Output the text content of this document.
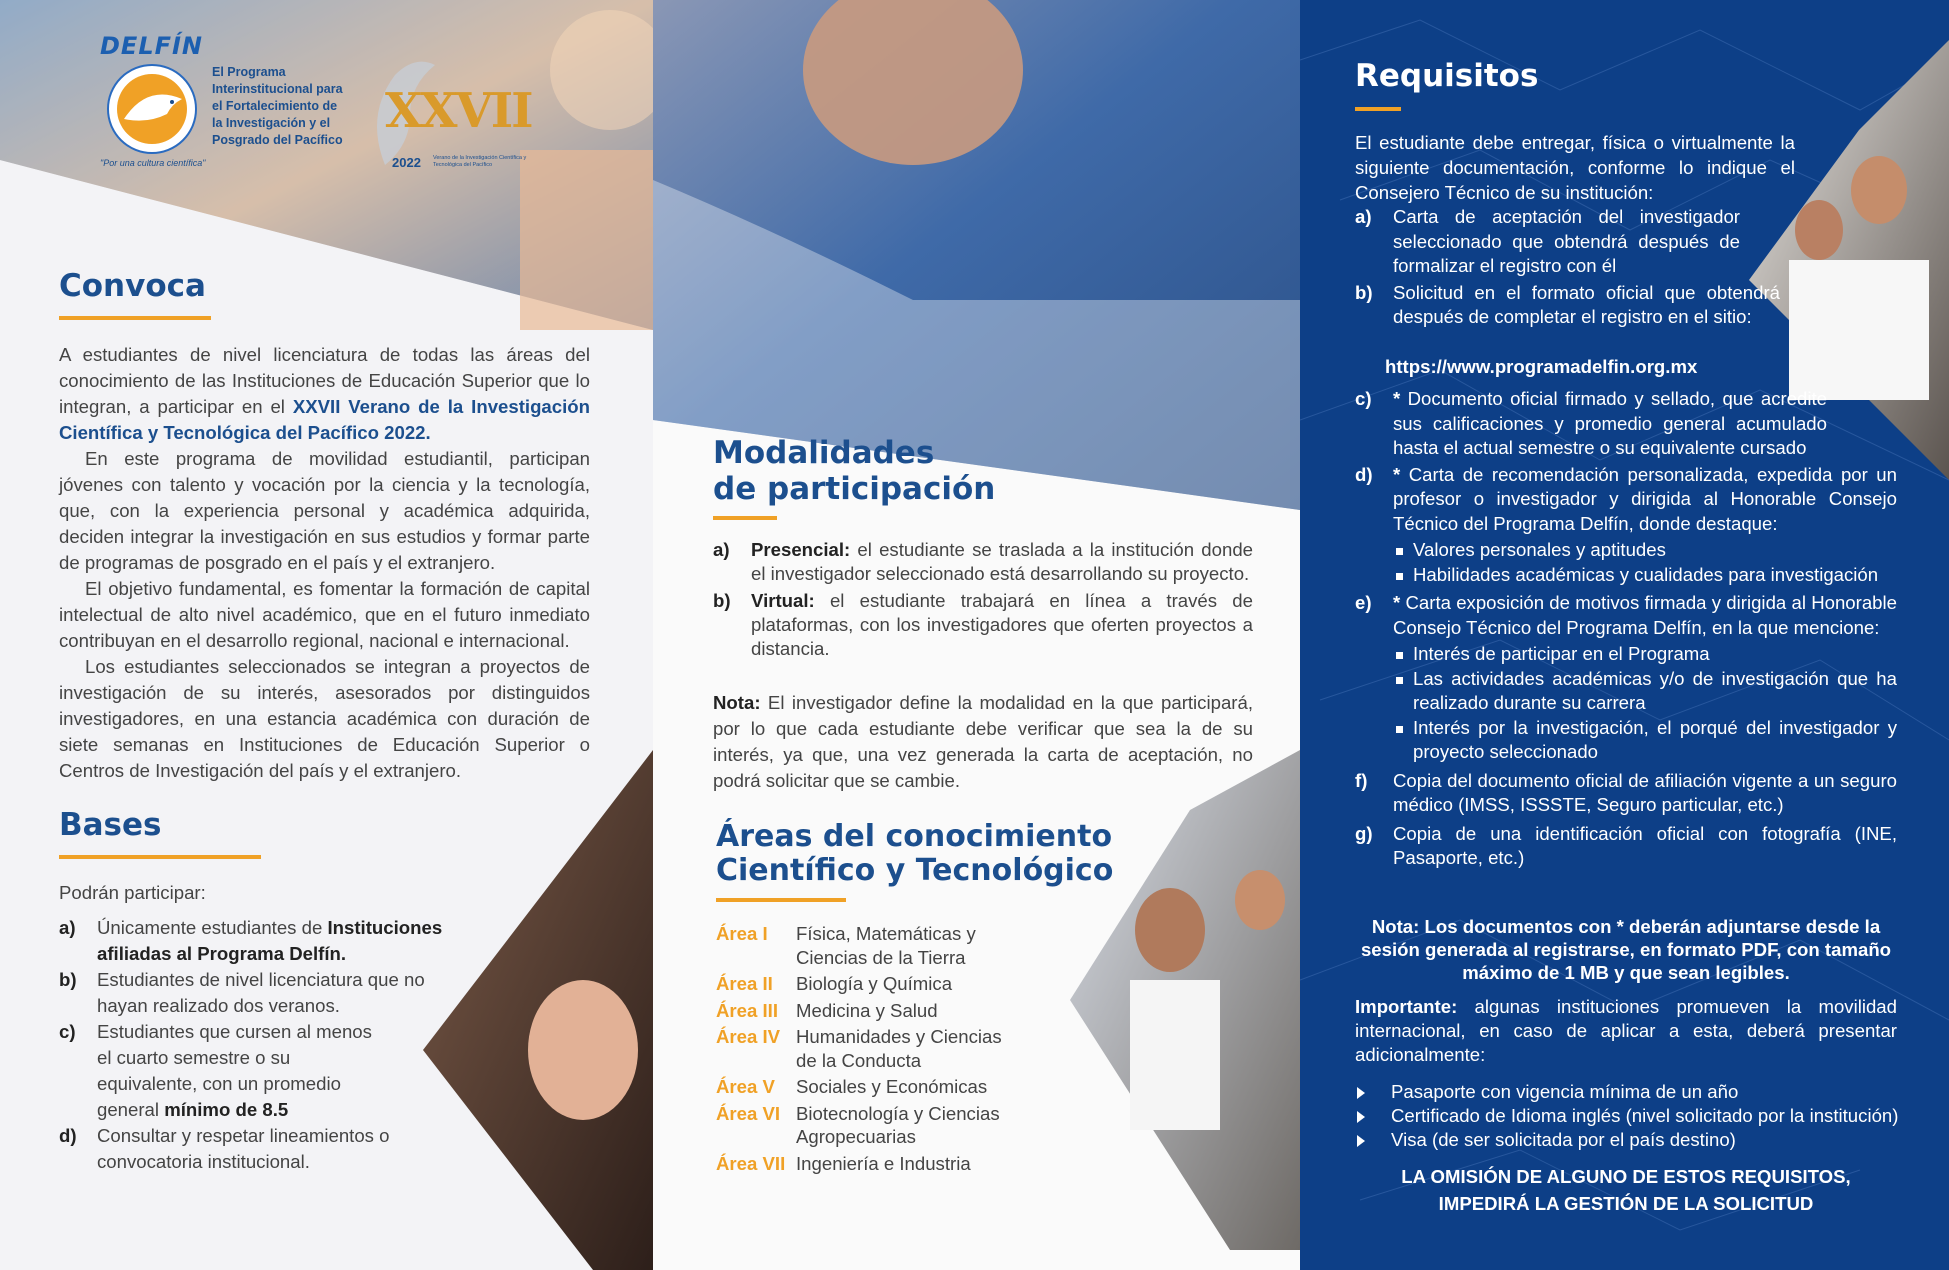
DELFÍN
"Por una cultura científica"
El Programa
Interinstitucional para
el Fortalecimiento de
la Investigación y el
Posgrado del Pacífico
XXVII
2022 Verano de la Investigación Científica y Tecnológica del Pacífico
Convoca
A estudiantes de nivel licenciatura de todas las áreas del conocimiento de las Instituciones de Educación Superior que lo integran, a participar en el XXVII Verano de la Investigación Científica y Tecnológica del Pacífico 2022.
En este programa de movilidad estudiantil, participan jóvenes con talento y vocación por la ciencia y la tecnología, que, con la experiencia personal y académica adquirida, deciden integrar la investigación en sus estudios y formar parte de programas de posgrado en el país y el extranjero.
El objetivo fundamental, es fomentar la formación de capital intelectual de alto nivel académico, que en el futuro inmediato contribuyan en el desarrollo regional, nacional e internacional.
Los estudiantes seleccionados se integran a proyectos de investigación de su interés, asesorados por distinguidos investigadores, en una estancia académica con duración de siete semanas en Instituciones de Educación Superior o Centros de Investigación del país y el extranjero.
Bases
Podrán participar:
a) Únicamente estudiantes de Instituciones afiliadas al Programa Delfín.
b) Estudiantes de nivel licenciatura que no hayan realizado dos veranos.
c) Estudiantes que cursen al menos el cuarto semestre o su equivalente, con un promedio general mínimo de 8.5
d) Consultar y respetar lineamientos o convocatoria institucional.
Modalidades
de participación
a) Presencial: el estudiante se traslada a la institución donde el investigador seleccionado está desarrollando su proyecto.
b) Virtual: el estudiante trabajará en línea a través de plataformas, con los investigadores que oferten proyectos a distancia.
Nota: El investigador define la modalidad en la que participará, por lo que cada estudiante debe verificar que sea la de su interés, ya que, una vez generada la carta de aceptación, no podrá solicitar que se cambie.
Áreas del conocimiento
Científico y Tecnológico
Área I	Física, Matemáticas y Ciencias de la Tierra
Área II	Biología y Química
Área III Medicina y Salud
Área IV Humanidades y Ciencias de la Conducta
Área V	Sociales y Económicas
Área VI Biotecnología y Ciencias Agropecuarias
Área VII Ingeniería e Industria
Requisitos
El estudiante debe entregar, física o virtualmente la siguiente documentación, conforme lo indique el Consejero Técnico de su institución:
a) Carta de aceptación del investigador seleccionado que obtendrá después de formalizar el registro con él
b) Solicitud en el formato oficial que obtendrá después de completar el registro en el sitio:
https://www.programadelfin.org.mx
c) * Documento oficial firmado y sellado, que acredite sus calificaciones y promedio general acumulado hasta el actual semestre o su equivalente cursado
d) * Carta de recomendación personalizada, expedida por un profesor o investigador y dirigida al Honorable Consejo Técnico del Programa Delfín, donde destaque:
Valores personales y aptitudes
Habilidades académicas y cualidades para investigación
e) * Carta exposición de motivos firmada y dirigida al Honorable Consejo Técnico del Programa Delfín, en la que mencione:
Interés de participar en el Programa
Las actividades académicas y/o de investigación que ha realizado durante su carrera
Interés por la investigación, el porqué del investigador y proyecto seleccionado
f) Copia del documento oficial de afiliación vigente a un seguro médico (IMSS, ISSSTE, Seguro particular, etc.)
g) Copia de una identificación oficial con fotografía (INE, Pasaporte, etc.)
Nota: Los documentos con * deberán adjuntarse desde la sesión generada al registrarse, en formato PDF, con tamaño máximo de 1 MB y que sean legibles.
Importante: algunas instituciones promueven la movilidad internacional, en caso de aplicar a esta, deberá presentar adicionalmente:
Pasaporte con vigencia mínima de un año
Certificado de Idioma inglés (nivel solicitado por la institución)
Visa (de ser solicitada por el país destino)
LA OMISIÓN DE ALGUNO DE ESTOS REQUISITOS, IMPEDIRÁ LA GESTIÓN DE LA SOLICITUD
